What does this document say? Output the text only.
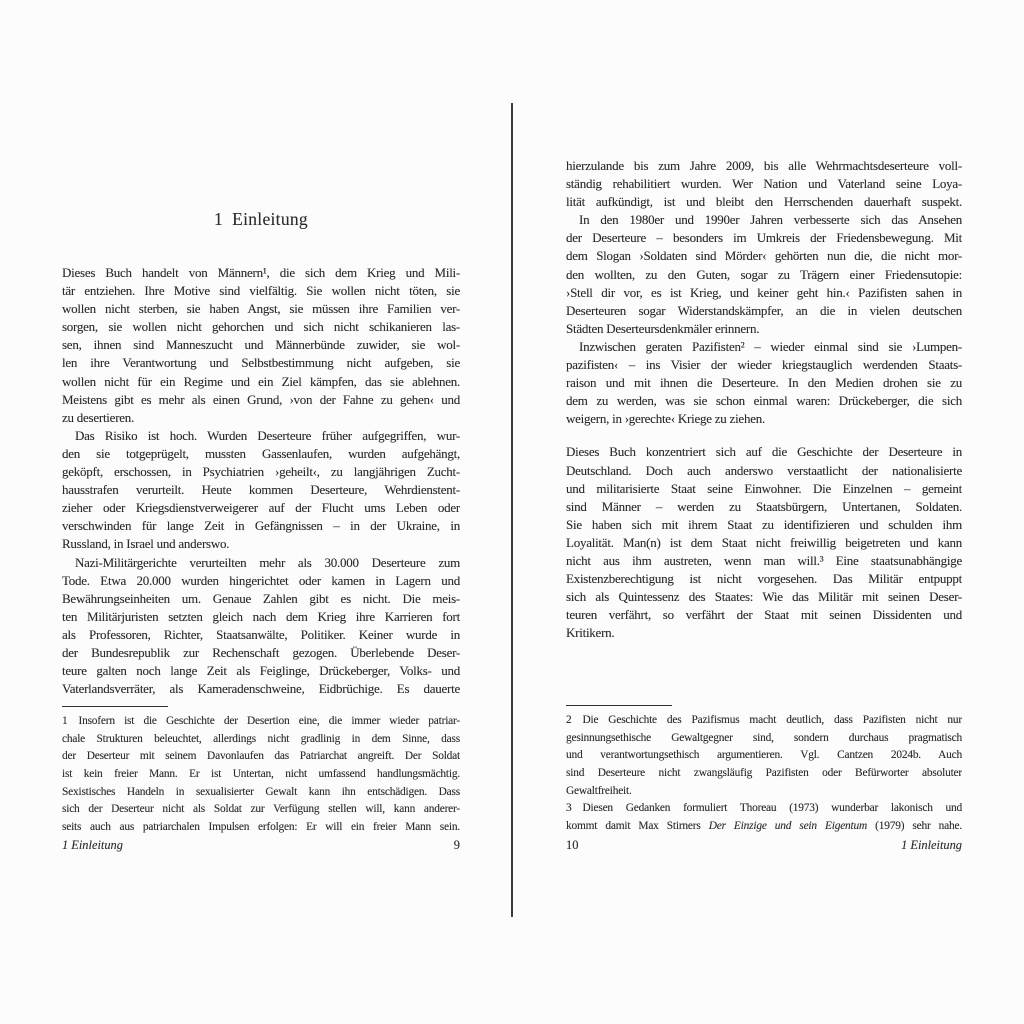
1 Einleitung
Dieses Buch handelt von Männern¹, die sich dem Krieg und Mili-
tär entziehen. Ihre Motive sind vielfältig. Sie wollen nicht töten, sie
wollen nicht sterben, sie haben Angst, sie müssen ihre Familien ver-
sorgen, sie wollen nicht gehorchen und sich nicht schikanieren las-
sen, ihnen sind Manneszucht und Männerbünde zuwider, sie wol-
len ihre Verantwortung und Selbstbestimmung nicht aufgeben, sie
wollen nicht für ein Regime und ein Ziel kämpfen, das sie ablehnen.
Meistens gibt es mehr als einen Grund, ›von der Fahne zu gehen‹ und
zu desertieren.
Das Risiko ist hoch. Wurden Deserteure früher aufgegriffen, wur-
den sie totgeprügelt, mussten Gassenlaufen, wurden aufgehängt,
geköpft, erschossen, in Psychiatrien ›geheilt‹, zu langjährigen Zucht-
hausstrafen verurteilt. Heute kommen Deserteure, Wehrdienstent-
zieher oder Kriegsdienstverweigerer auf der Flucht ums Leben oder
verschwinden für lange Zeit in Gefängnissen – in der Ukraine, in
Russland, in Israel und anderswo.
Nazi-Militärgerichte verurteilten mehr als 30.000 Deserteure zum
Tode. Etwa 20.000 wurden hingerichtet oder kamen in Lagern und
Bewährungseinheiten um. Genaue Zahlen gibt es nicht. Die meis-
ten Militärjuristen setzten gleich nach dem Krieg ihre Karrieren fort
als Professoren, Richter, Staatsanwälte, Politiker. Keiner wurde in
der Bundesrepublik zur Rechenschaft gezogen. Überlebende Deser-
teure galten noch lange Zeit als Feiglinge, Drückeberger, Volks- und
Vaterlandsverräter, als Kameradenschweine, Eidbrüchige. Es dauerte
1  Insofern ist die Geschichte der Desertion eine, die immer wieder patriar-
chale Strukturen beleuchtet, allerdings nicht gradlinig in dem Sinne, dass
der Deserteur mit seinem Davonlaufen das Patriarchat angreift. Der Soldat
ist kein freier Mann. Er ist Untertan, nicht umfassend handlungsmächtig.
Sexistisches Handeln in sexualisierter Gewalt kann ihn entschädigen. Dass
sich der Deserteur nicht als Soldat zur Verfügung stellen will, kann anderer-
seits auch aus patriarchalen Impulsen erfolgen: Er will ein freier Mann sein.
1 Einleitung	9
hierzulande bis zum Jahre 2009, bis alle Wehrmachtsdeserteure voll-
ständig rehabilitiert wurden. Wer Nation und Vaterland seine Loya-
lität aufkündigt, ist und bleibt den Herrschenden dauerhaft suspekt.
In den 1980er und 1990er Jahren verbesserte sich das Ansehen
der Deserteure – besonders im Umkreis der Friedensbewegung. Mit
dem Slogan ›Soldaten sind Mörder‹ gehörten nun die, die nicht mor-
den wollten, zu den Guten, sogar zu Trägern einer Friedensutopie:
›Stell dir vor, es ist Krieg, und keiner geht hin.‹ Pazifisten sahen in
Deserteuren sogar Widerstandskämpfer, an die in vielen deutschen
Städten Deserteursdenkmäler erinnern.
Inzwischen geraten Pazifisten² – wieder einmal sind sie ›Lumpen-
pazifisten‹ – ins Visier der wieder kriegstauglich werdenden Staats-
raison und mit ihnen die Deserteure. In den Medien drohen sie zu
dem zu werden, was sie schon einmal waren: Drückeberger, die sich
weigern, in ›gerechte‹ Kriege zu ziehen.
Dieses Buch konzentriert sich auf die Geschichte der Deserteure in
Deutschland. Doch auch anderswo verstaatlicht der nationalisierte
und militarisierte Staat seine Einwohner. Die Einzelnen – gemeint
sind Männer – werden zu Staatsbürgern, Untertanen, Soldaten.
Sie haben sich mit ihrem Staat zu identifizieren und schulden ihm
Loyalität. Man(n) ist dem Staat nicht freiwillig beigetreten und kann
nicht aus ihm austreten, wenn man will.³ Eine staatsunabhängige
Existenzberechtigung ist nicht vorgesehen. Das Militär entpuppt
sich als Quintessenz des Staates: Wie das Militär mit seinen Deser-
teuren verfährt, so verfährt der Staat mit seinen Dissidenten und
Kritikern.
2  Die Geschichte des Pazifismus macht deutlich, dass Pazifisten nicht nur
gesinnungsethische Gewaltgegner sind, sondern durchaus pragmatisch
und verantwortungsethisch argumentieren. Vgl. Cantzen 2024b. Auch
sind Deserteure nicht zwangsläufig Pazifisten oder Befürworter absoluter
Gewaltfreiheit.
3  Diesen Gedanken formuliert Thoreau (1973) wunderbar lakonisch und
kommt damit Max Stirners Der Einzige und sein Eigentum (1979) sehr nahe.
10	1 Einleitung
